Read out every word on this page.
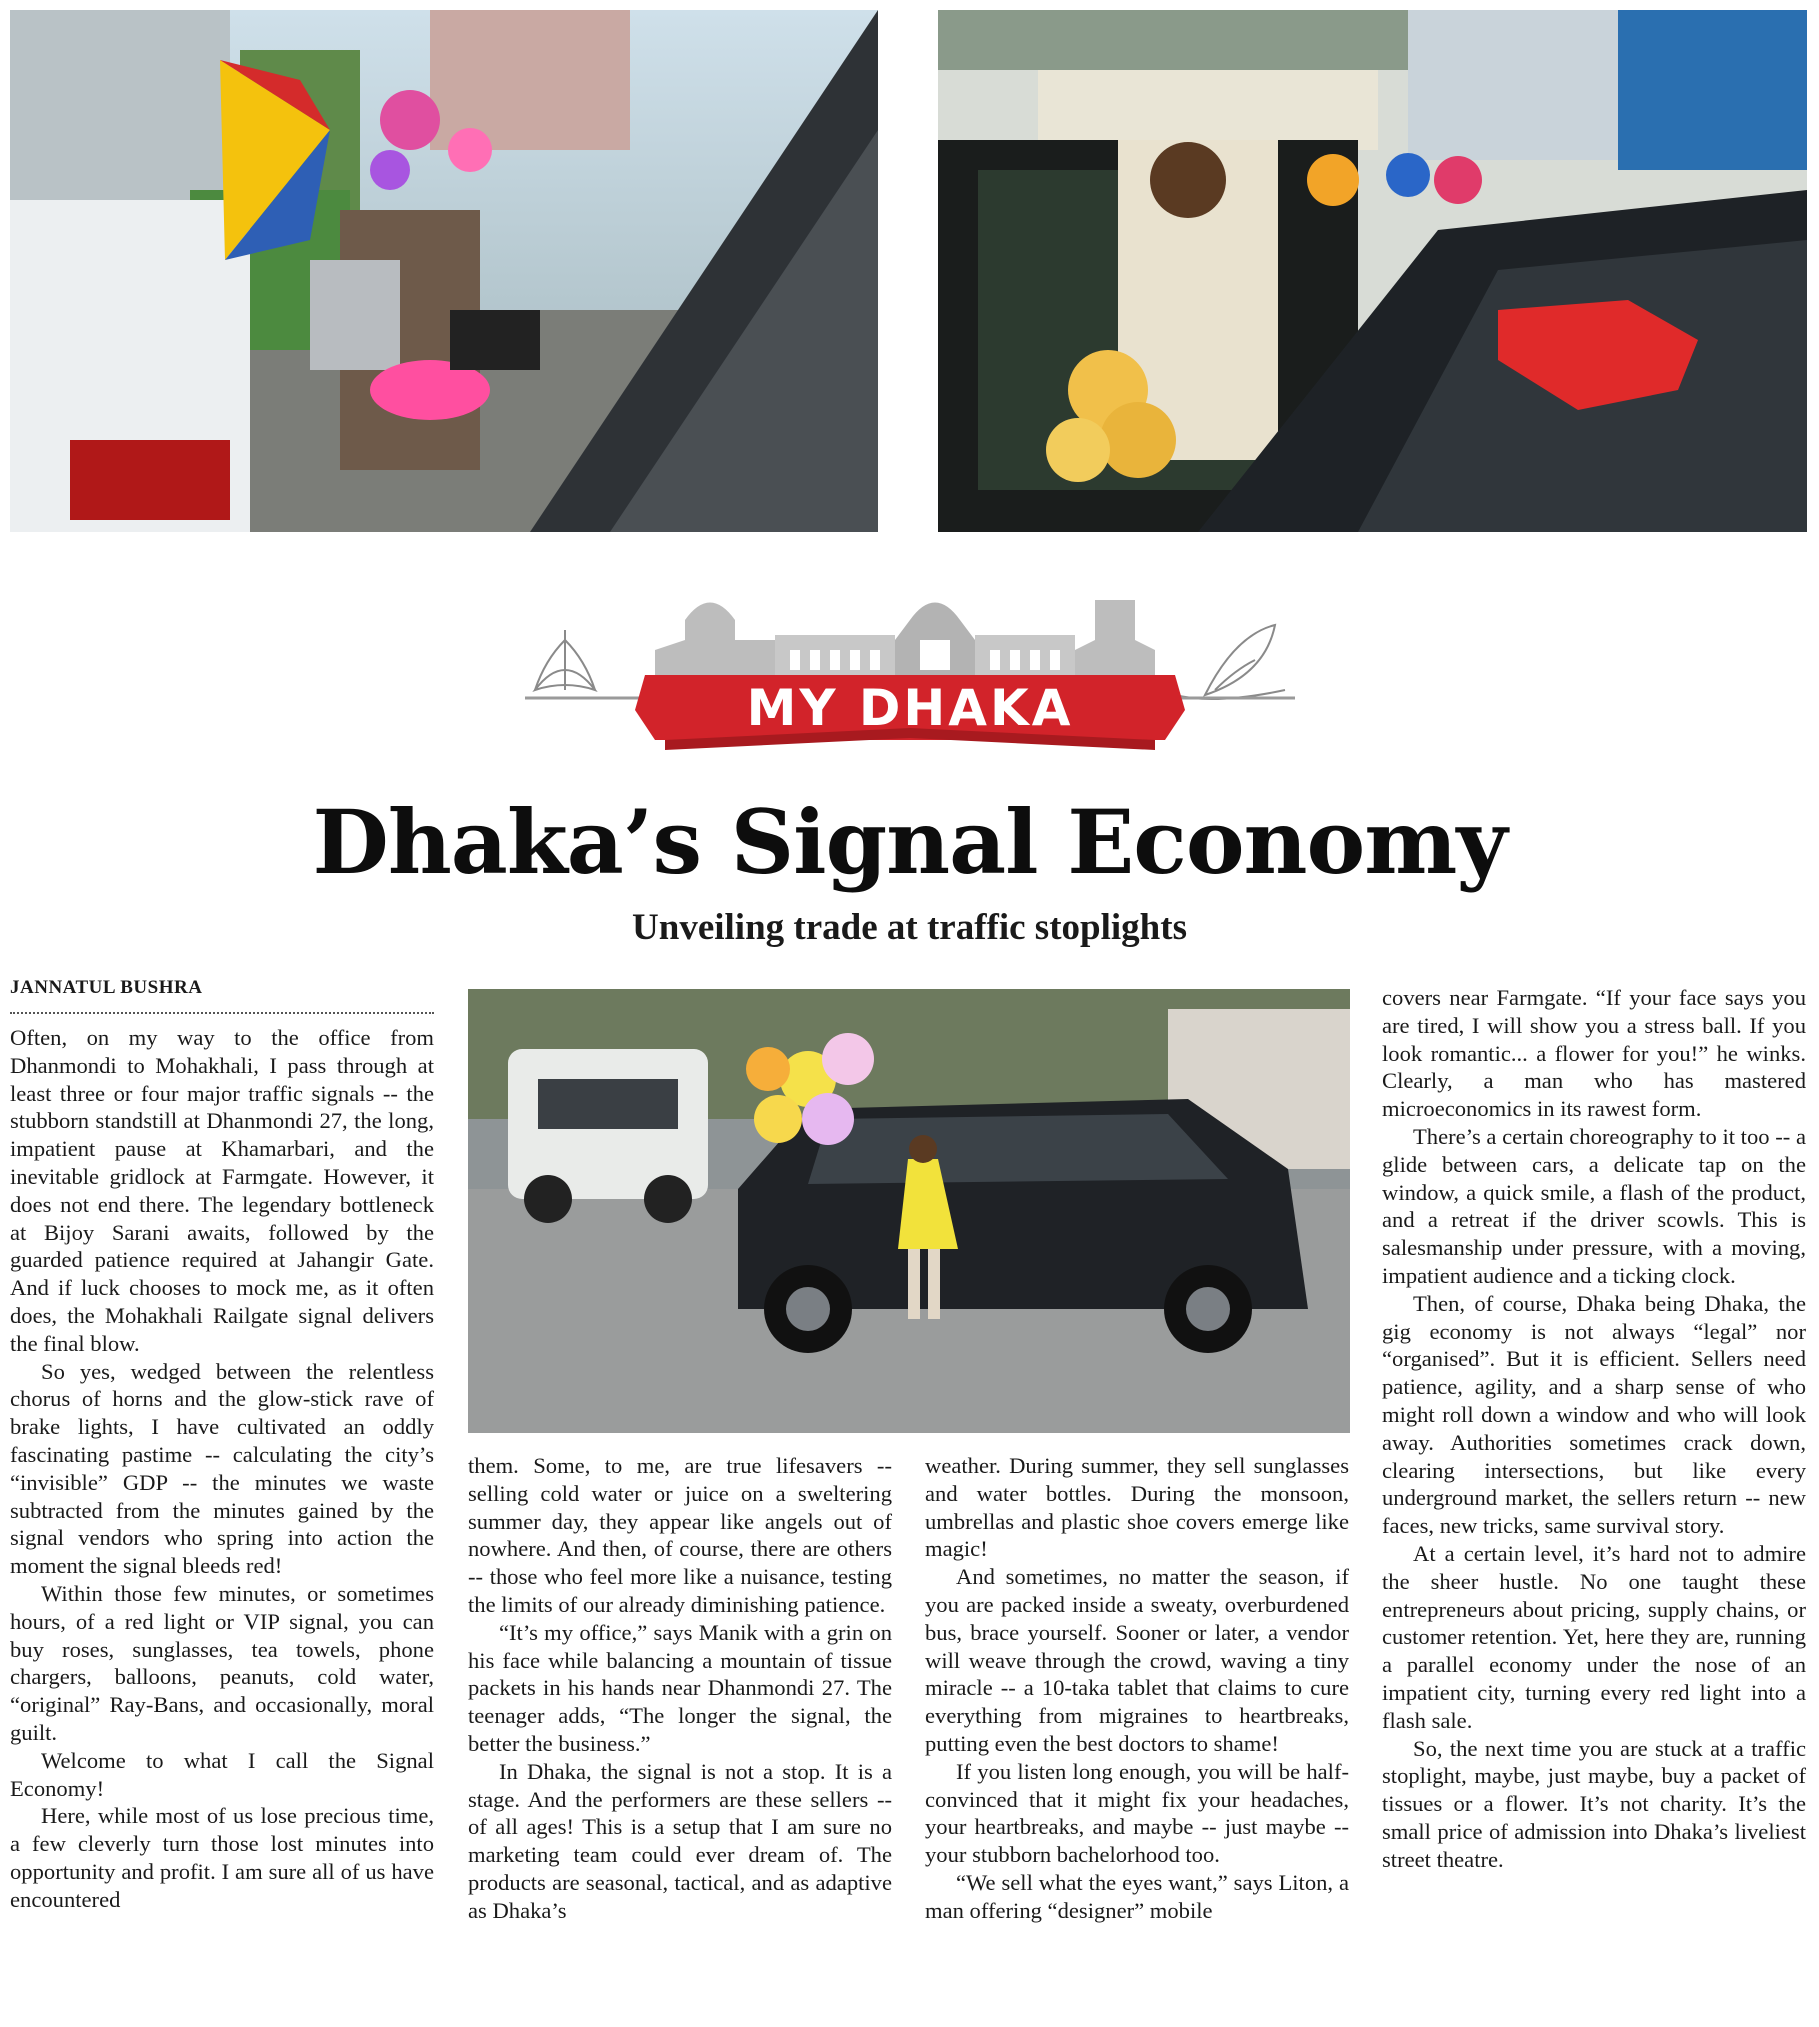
MY DHAKA
Dhaka’s Signal Economy
Unveiling trade at traffic stoplights
JANNATUL BUSHRA

Often, on my way to the office from Dhanmondi to Mohakhali, I pass through at least three or four major traffic signals -- the stubborn standstill at Dhanmondi 27, the long, impatient pause at Khamarbari, and the inevitable gridlock at Farmgate. However, it does not end there. The legendary bottleneck at Bijoy Sarani awaits, followed by the guarded patience required at Jahangir Gate. And if luck chooses to mock me, as it often does, the Mohakhali Railgate signal delivers the final blow.

So yes, wedged between the relentless chorus of horns and the glow-stick rave of brake lights, I have cultivated an oddly fascinating pastime -- calculating the city’s “invisible” GDP -- the minutes we waste subtracted from the minutes gained by the signal vendors who spring into action the moment the signal bleeds red!

Within those few minutes, or sometimes hours, of a red light or VIP signal, you can buy roses, sunglasses, tea towels, phone chargers, balloons, peanuts, cold water, “original” Ray-Bans, and occasionally, moral guilt.

Welcome to what I call the Signal Economy!

Here, while most of us lose precious time, a few cleverly turn those lost minutes into opportunity and profit. I am sure all of us have encountered

them. Some, to me, are true lifesavers -- selling cold water or juice on a sweltering summer day, they appear like angels out of nowhere. And then, of course, there are others -- those who feel more like a nuisance, testing the limits of our already diminishing patience.

“It’s my office,” says Manik with a grin on his face while balancing a mountain of tissue packets in his hands near Dhanmondi 27. The teenager adds, “The longer the signal, the better the business.”

In Dhaka, the signal is not a stop. It is a stage. And the performers are these sellers -- of all ages! This is a setup that I am sure no marketing team could ever dream of. The products are seasonal, tactical, and as adaptive as Dhaka’s

weather. During summer, they sell sunglasses and water bottles. During the monsoon, umbrellas and plastic shoe covers emerge like magic!

And sometimes, no matter the season, if you are packed inside a sweaty, overburdened bus, brace yourself. Sooner or later, a vendor will weave through the crowd, waving a tiny miracle -- a 10-taka tablet that claims to cure everything from migraines to heartbreaks, putting even the best doctors to shame!

If you listen long enough, you will be half-convinced that it might fix your headaches, your heartbreaks, and maybe -- just maybe -- your stubborn bachelorhood too.

“We sell what the eyes want,” says Liton, a man offering “designer” mobile

covers near Farmgate. “If your face says you are tired, I will show you a stress ball. If you look romantic... a flower for you!” he winks. Clearly, a man who has mastered microeconomics in its rawest form.

There’s a certain choreography to it too -- a glide between cars, a delicate tap on the window, a quick smile, a flash of the product, and a retreat if the driver scowls. This is salesmanship under pressure, with a moving, impatient audience and a ticking clock.

Then, of course, Dhaka being Dhaka, the gig economy is not always “legal” nor “organised”. But it is efficient. Sellers need patience, agility, and a sharp sense of who might roll down a window and who will look away. Authorities sometimes crack down, clearing intersections, but like every underground market, the sellers return -- new faces, new tricks, same survival story.

At a certain level, it’s hard not to admire the sheer hustle. No one taught these entrepreneurs about pricing, supply chains, or customer retention. Yet, here they are, running a parallel economy under the nose of an impatient city, turning every red light into a flash sale.

So, the next time you are stuck at a traffic stoplight, maybe, just maybe, buy a packet of tissues or a flower. It’s not charity. It’s the small price of admission into Dhaka’s liveliest street theatre.
